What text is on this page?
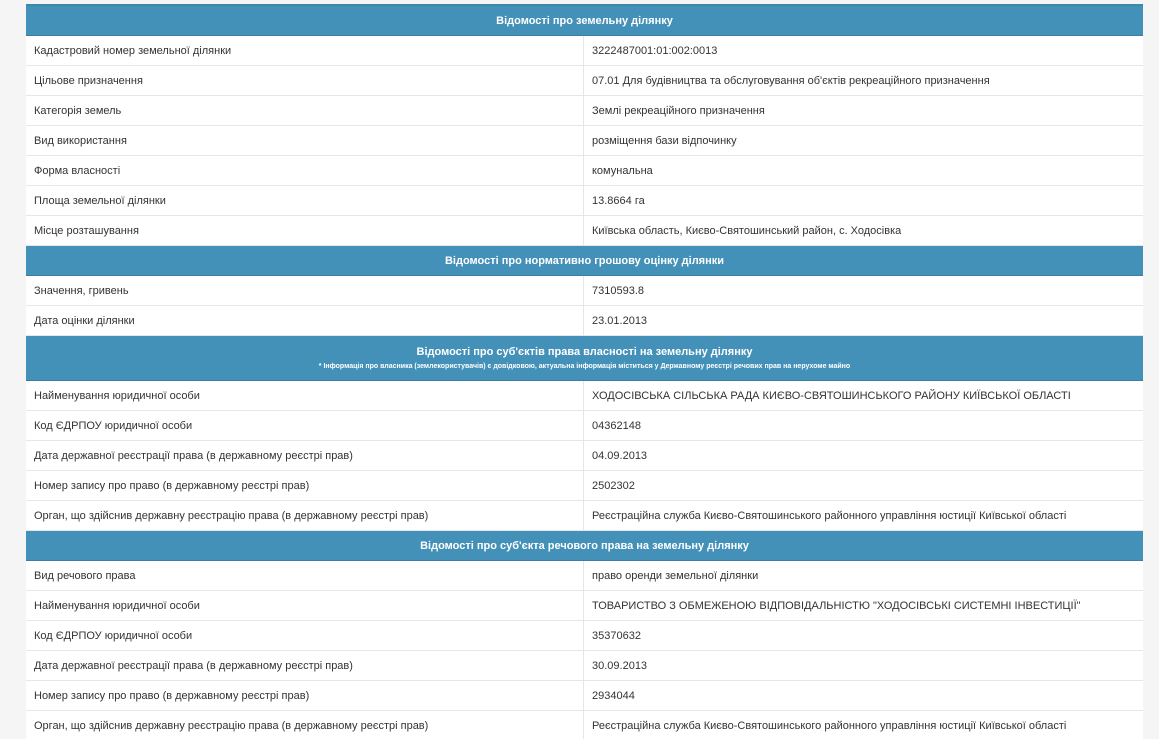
Відомості про земельну ділянку
Кадастровий номер земельної ділянки	3222487001:01:002:0013
Цільове призначення	07.01 Для будівництва та обслуговування об'єктів рекреаційного призначення
Категорія земель	Землі рекреаційного призначення
Вид використання	розміщення бази відпочинку
Форма власності	комунальна
Площа земельної ділянки	13.8664 га
Місце розташування	Київська область, Києво-Святошинський район, с. Ходосівка
Відомості про нормативно грошову оцінку ділянки
Значення, гривень	7310593.8
Дата оцінки ділянки	23.01.2013
Відомості про суб'єктів права власності на земельну ділянку
* Інформація про власника (землекористувачів) є довідковою, актуальна інформація міститься у Державному реєстрі речових прав на нерухоме майно
Найменування юридичної особи	ХОДОСІВСЬКА СІЛЬСЬКА РАДА КИЄВО-СВЯТОШИНСЬКОГО РАЙОНУ КИЇВСЬКОЇ ОБЛАСТІ
Код ЄДРПОУ юридичної особи	04362148
Дата державної реєстрації права (в державному реєстрі прав)	04.09.2013
Номер запису про право (в державному реєстрі прав)	2502302
Орган, що здійснив державну реєстрацію права (в державному реєстрі прав)	Реєстраційна служба Києво-Святошинського районного управління юстиції Київської області
Відомості про суб'єкта речового права на земельну ділянку
Вид речового права	право оренди земельної ділянки
Найменування юридичної особи	ТОВАРИСТВО З ОБМЕЖЕНОЮ ВІДПОВІДАЛЬНІСТЮ "ХОДОСІВСЬКІ СИСТЕМНІ ІНВЕСТИЦІЇ"
Код ЄДРПОУ юридичної особи	35370632
Дата державної реєстрації права (в державному реєстрі прав)	30.09.2013
Номер запису про право (в державному реєстрі прав)	2934044
Орган, що здійснив державну реєстрацію права (в державному реєстрі прав)	Реєстраційна служба Києво-Святошинського районного управління юстиції Київської області
